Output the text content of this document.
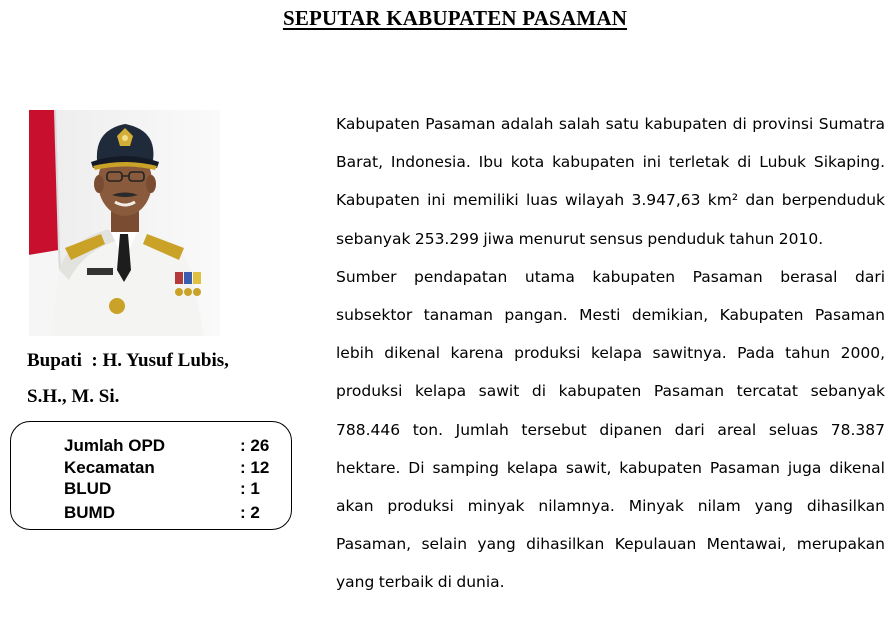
SEPUTAR KABUPATEN PASAMAN
Bupati  : H. Yusuf Lubis,
S.H., M. Si.
Jumlah OPD	: 26
Kecamatan	: 12
BLUD	: 1
BUMD	: 2

Kabupaten Pasaman adalah salah satu kabupaten di provinsi Sumatra Barat, Indonesia. Ibu kota kabupaten ini terletak di Lubuk Sikaping. Kabupaten ini memiliki luas wilayah 3.947,63 km² dan berpenduduk sebanyak 253.299 jiwa menurut sensus penduduk tahun 2010.

Sumber pendapatan utama kabupaten Pasaman berasal dari subsektor tanaman pangan. Mesti demikian, Kabupaten Pasaman lebih dikenal karena produksi kelapa sawitnya. Pada tahun 2000, produksi kelapa sawit di kabupaten Pasaman tercatat sebanyak 788.446 ton. Jumlah tersebut dipanen dari areal seluas 78.387 hektare. Di samping kelapa sawit, kabupaten Pasaman juga dikenal akan produksi minyak nilamnya. Minyak nilam yang dihasilkan Pasaman, selain yang dihasilkan Kepulauan Mentawai, merupakan yang terbaik di dunia.
